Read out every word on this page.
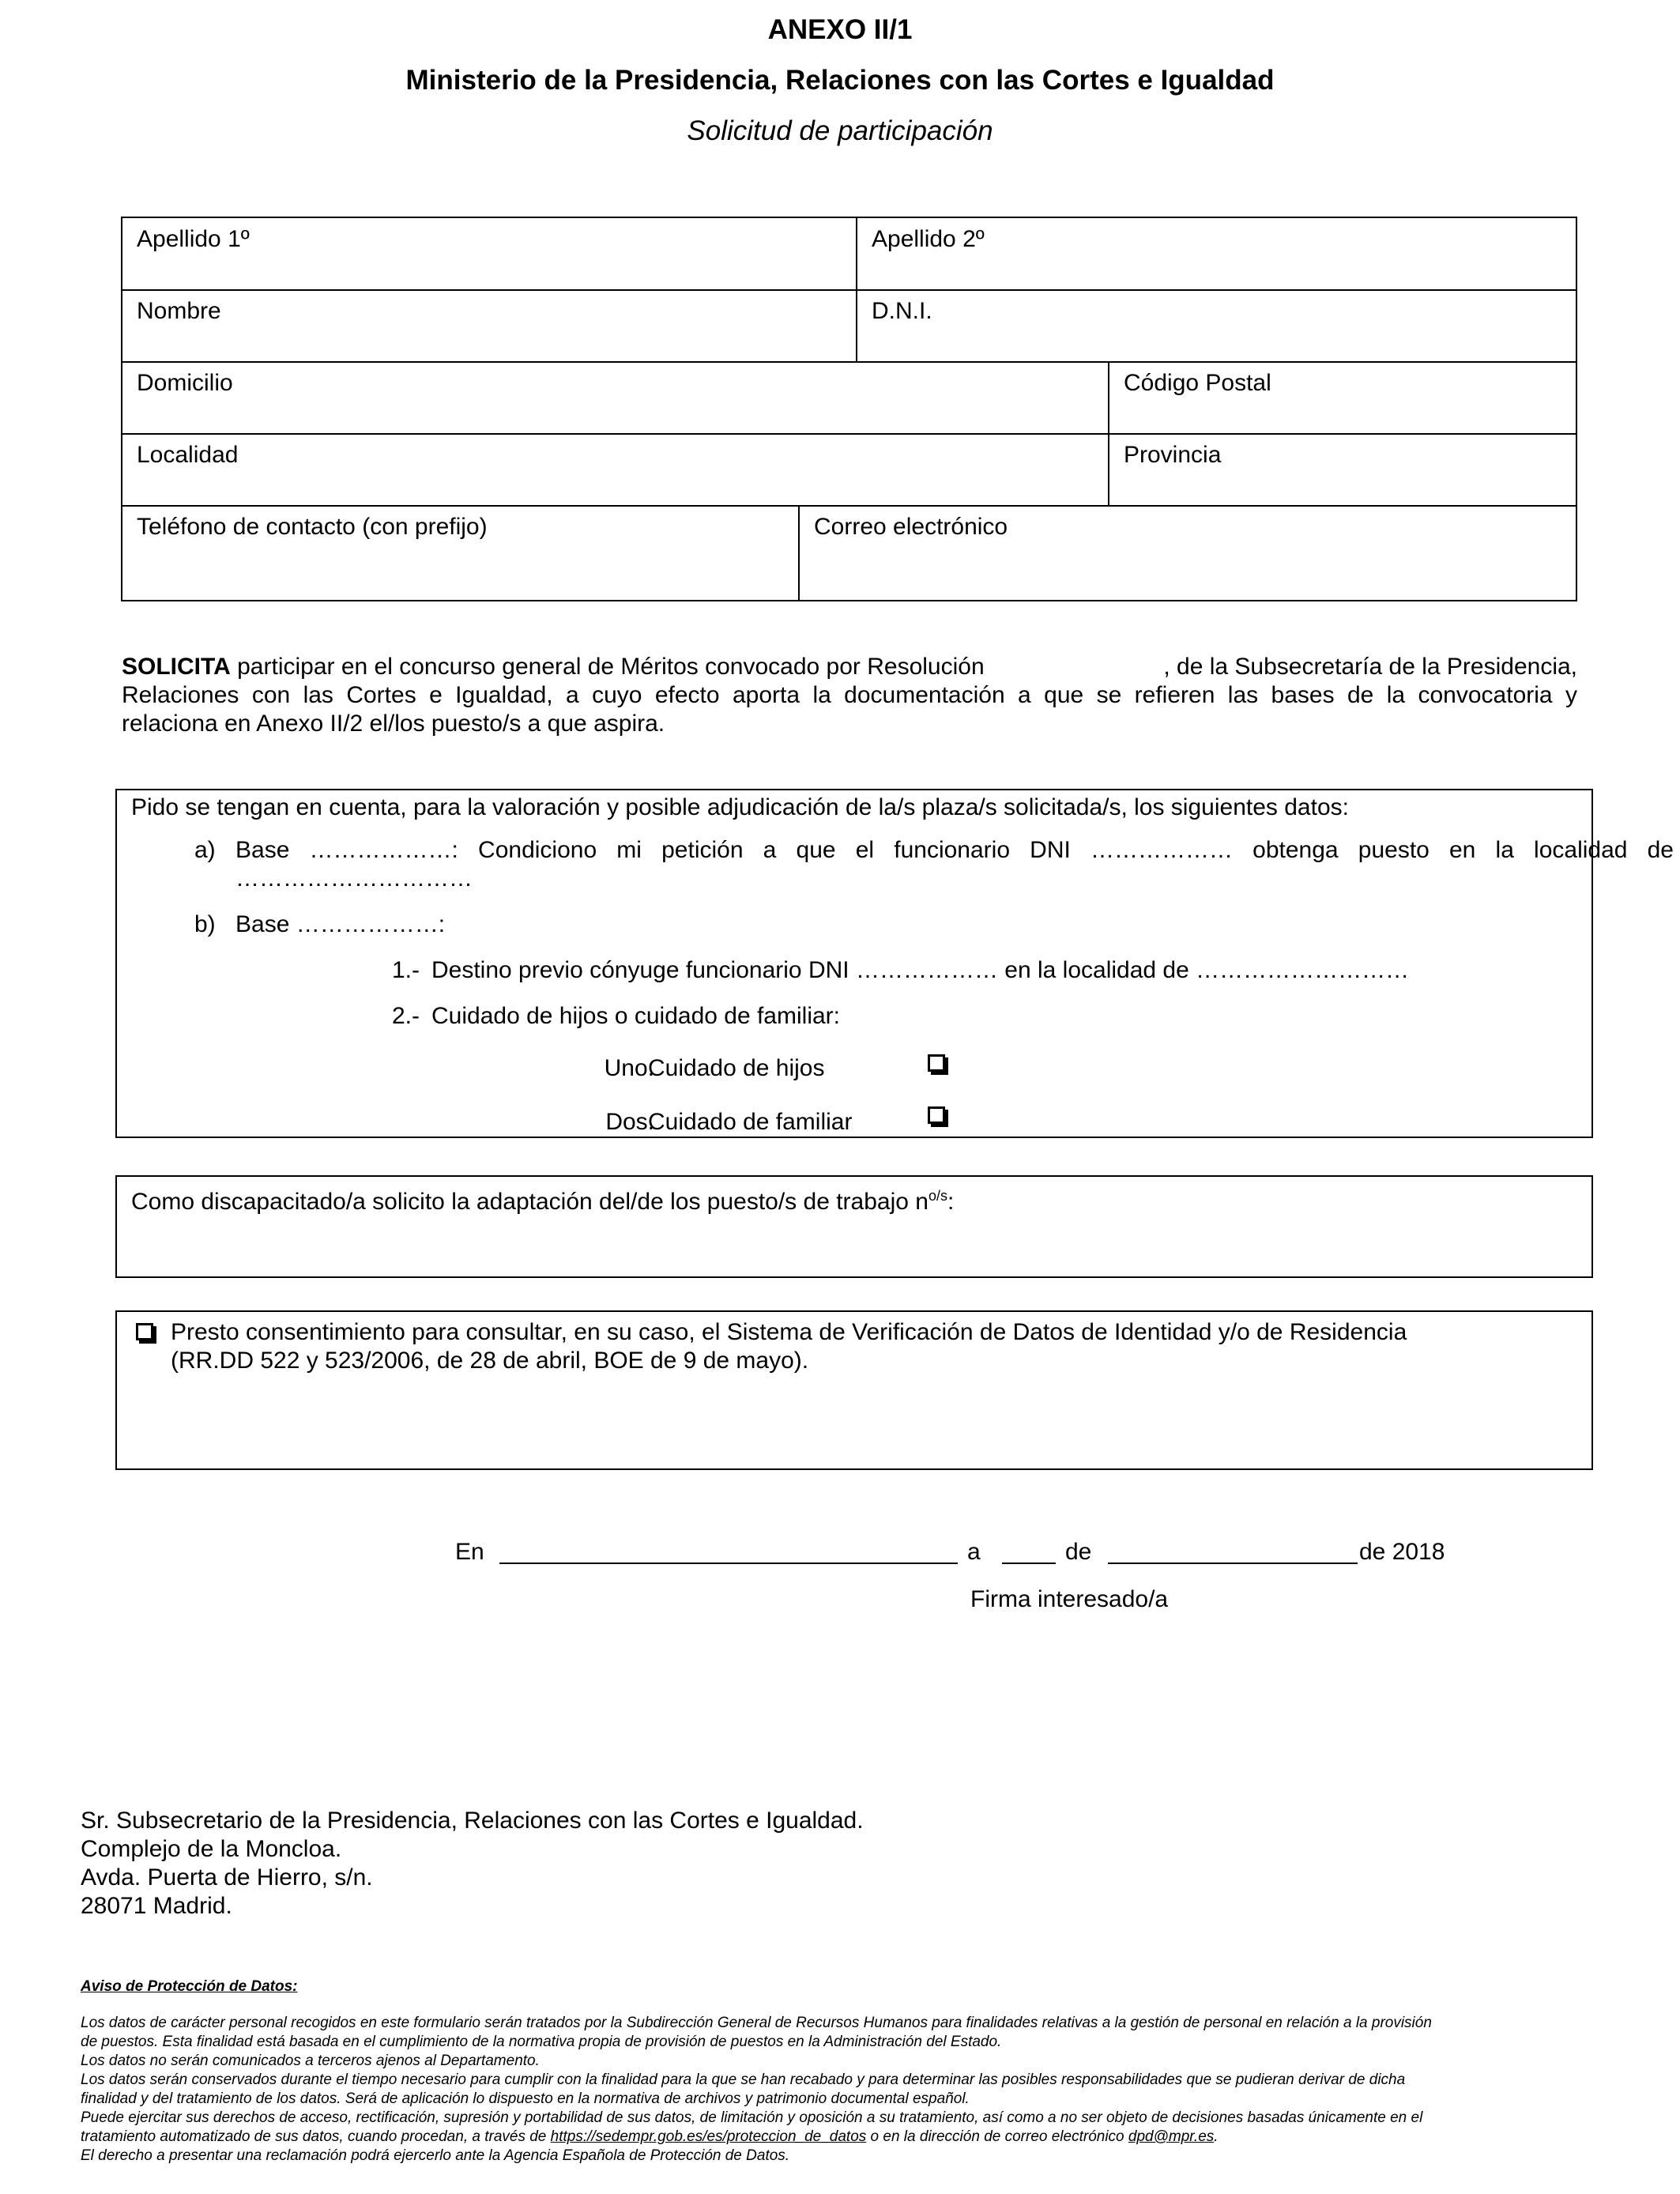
ANEXO II/1
Ministerio de la Presidencia, Relaciones con las Cortes e Igualdad
Solicitud de participación
Apellido 1º	Apellido 2º
Nombre	D.N.I.
Domicilio	Código Postal
Localidad	Provincia
Teléfono de contacto (con prefijo)	Correo electrónico
SOLICITA participar en el concurso general de Méritos convocado por Resolución	, de la Subsecretaría de la Presidencia,
Relaciones con las Cortes e Igualdad, a cuyo efecto aporta la documentación a que se refieren las bases de la convocatoria y
relaciona en Anexo II/2 el/los puesto/s a que aspira.
Pido se tengan en cuenta, para la valoración y posible adjudicación de la/s plaza/s solicitada/s, los siguientes datos:
a) Base ………………: Condiciono mi petición a que el funcionario DNI ……………… obtenga puesto en la localidad de
…………………………
b) Base ………………:
1.- Destino previo cónyuge funcionario DNI ……………… en la localidad de ………………………
2.- Cuidado de hijos o cuidado de familiar:
Uno.
Cuidado de hijos
Dos.
Cuidado de familiar
Como discapacitado/a solicito la adaptación del/de los puesto/s de trabajo $n^{o/s}$:
Presto consentimiento para consultar, en su caso, el Sistema de Verificación de Datos de Identidad y/o de Residencia
(RR.DD 522 y 523/2006, de 28 de abril, BOE de 9 de mayo).
En	a	de	de 2018
Firma interesado/a
Sr. Subsecretario de la Presidencia, Relaciones con las Cortes e Igualdad.
Complejo de la Moncloa.
Avda. Puerta de Hierro, s/n.
28071 Madrid.
Aviso de Protección de Datos:
Los datos de carácter personal recogidos en este formulario serán tratados por la Subdirección General de Recursos Humanos para finalidades relativas a la gestión de personal en relación a la provisión
de puestos. Esta finalidad está basada en el cumplimiento de la normativa propia de provisión de puestos en la Administración del Estado.
Los datos no serán comunicados a terceros ajenos al Departamento.
Los datos serán conservados durante el tiempo necesario para cumplir con la finalidad para la que se han recabado y para determinar las posibles responsabilidades que se pudieran derivar de dicha
finalidad y del tratamiento de los datos. Será de aplicación lo dispuesto en la normativa de archivos y patrimonio documental español.
Puede ejercitar sus derechos de acceso, rectificación, supresión y portabilidad de sus datos, de limitación y oposición a su tratamiento, así como a no ser objeto de decisiones basadas únicamente en el
tratamiento automatizado de sus datos, cuando procedan, a través de https://sedempr.gob.es/es/proteccion_de_datos o en la dirección de correo electrónico dpd@mpr.es.
El derecho a presentar una reclamación podrá ejercerlo ante la Agencia Española de Protección de Datos.
